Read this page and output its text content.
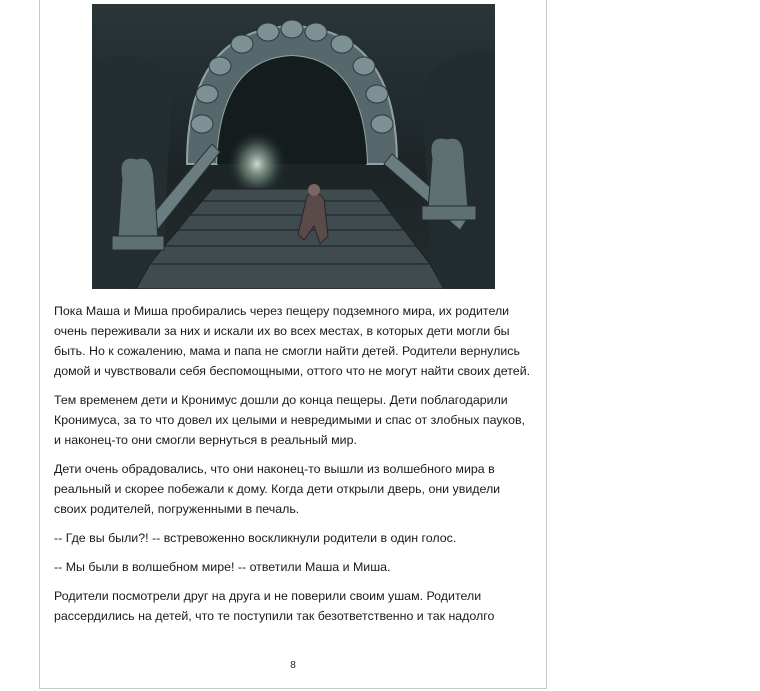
Пока Маша и Миша пробирались через пещеру подземного мира, их родители очень переживали за них и искали их во всех местах, в которых дети могли бы быть. Но к сожалению, мама и папа не смогли найти детей. Родители вернулись домой и чувствовали себя беспомощными, оттого что не могут найти своих детей.

Тем временем дети и Кронимус дошли до конца пещеры. Дети поблагодарили Кронимуса, за то что довел их целыми и невредимыми и спас от злобных пауков, и наконец-то они смогли вернуться в реальный мир.

Дети очень обрадовались, что они наконец-то вышли из волшебного мира в реальный и скорее побежали к дому. Когда дети открыли дверь, они увидели своих родителей, погруженными в печаль.

-- Где вы были?! -- встревоженно воскликнули родители в один голос.

-- Мы были в волшебном мире! -- ответили Маша и Миша.

Родители посмотрели друг на друга и не поверили своим ушам. Родители рассердились на детей, что те поступили так безответственно и так надолго

8
